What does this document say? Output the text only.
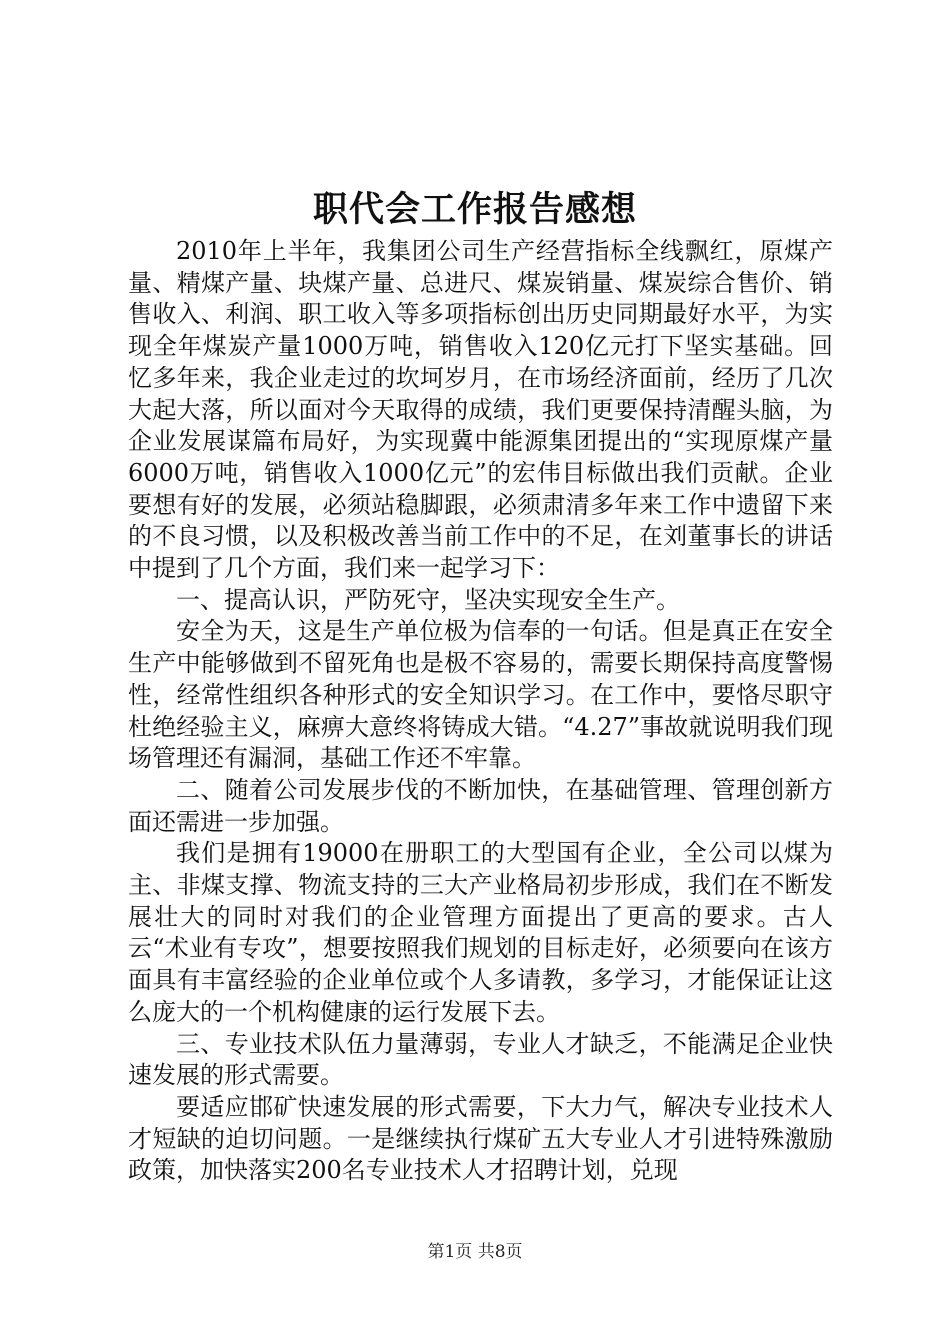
职代会工作报告感想

2010年上半年，我集团公司生产经营指标全线飘红，原煤产量、精煤产量、块煤产量、总进尺、煤炭销量、煤炭综合售价、销售收入、利润、职工收入等多项指标创出历史同期最好水平，为实现全年煤炭产量1000万吨，销售收入120亿元打下坚实基础。回忆多年来，我企业走过的坎坷岁月，在市场经济面前，经历了几次大起大落，所以面对今天取得的成绩，我们更要保持清醒头脑，为企业发展谋篇布局好，为实现冀中能源集团提出的“实现原煤产量6000万吨，销售收入1000亿元”的宏伟目标做出我们贡献。企业要想有好的发展，必须站稳脚跟，必须肃清多年来工作中遗留下来的不良习惯，以及积极改善当前工作中的不足，在刘董事长的讲话中提到了几个方面，我们来一起学习下：

一、提高认识，严防死守，坚决实现安全生产。

安全为天，这是生产单位极为信奉的一句话。但是真正在安全生产中能够做到不留死角也是极不容易的，需要长期保持高度警惕性，经常性组织各种形式的安全知识学习。在工作中，要恪尽职守杜绝经验主义，麻痹大意终将铸成大错。“4.27”事故就说明我们现场管理还有漏洞，基础工作还不牢靠。

二、随着公司发展步伐的不断加快，在基础管理、管理创新方面还需进一步加强。

我们是拥有19000在册职工的大型国有企业，全公司以煤为主、非煤支撑、物流支持的三大产业格局初步形成，我们在不断发展壮大的同时对我们的企业管理方面提出了更高的要求。古人云“术业有专攻”，想要按照我们规划的目标走好，必须要向在该方面具有丰富经验的企业单位或个人多请教，多学习，才能保证让这么庞大的一个机构健康的运行发展下去。

三、专业技术队伍力量薄弱，专业人才缺乏，不能满足企业快速发展的形式需要。

要适应邯矿快速发展的形式需要，下大力气，解决专业技术人才短缺的迫切问题。一是继续执行煤矿五大专业人才引进特殊激励政策，加快落实200名专业技术人才招聘计划，兑现

第1页 共8页
